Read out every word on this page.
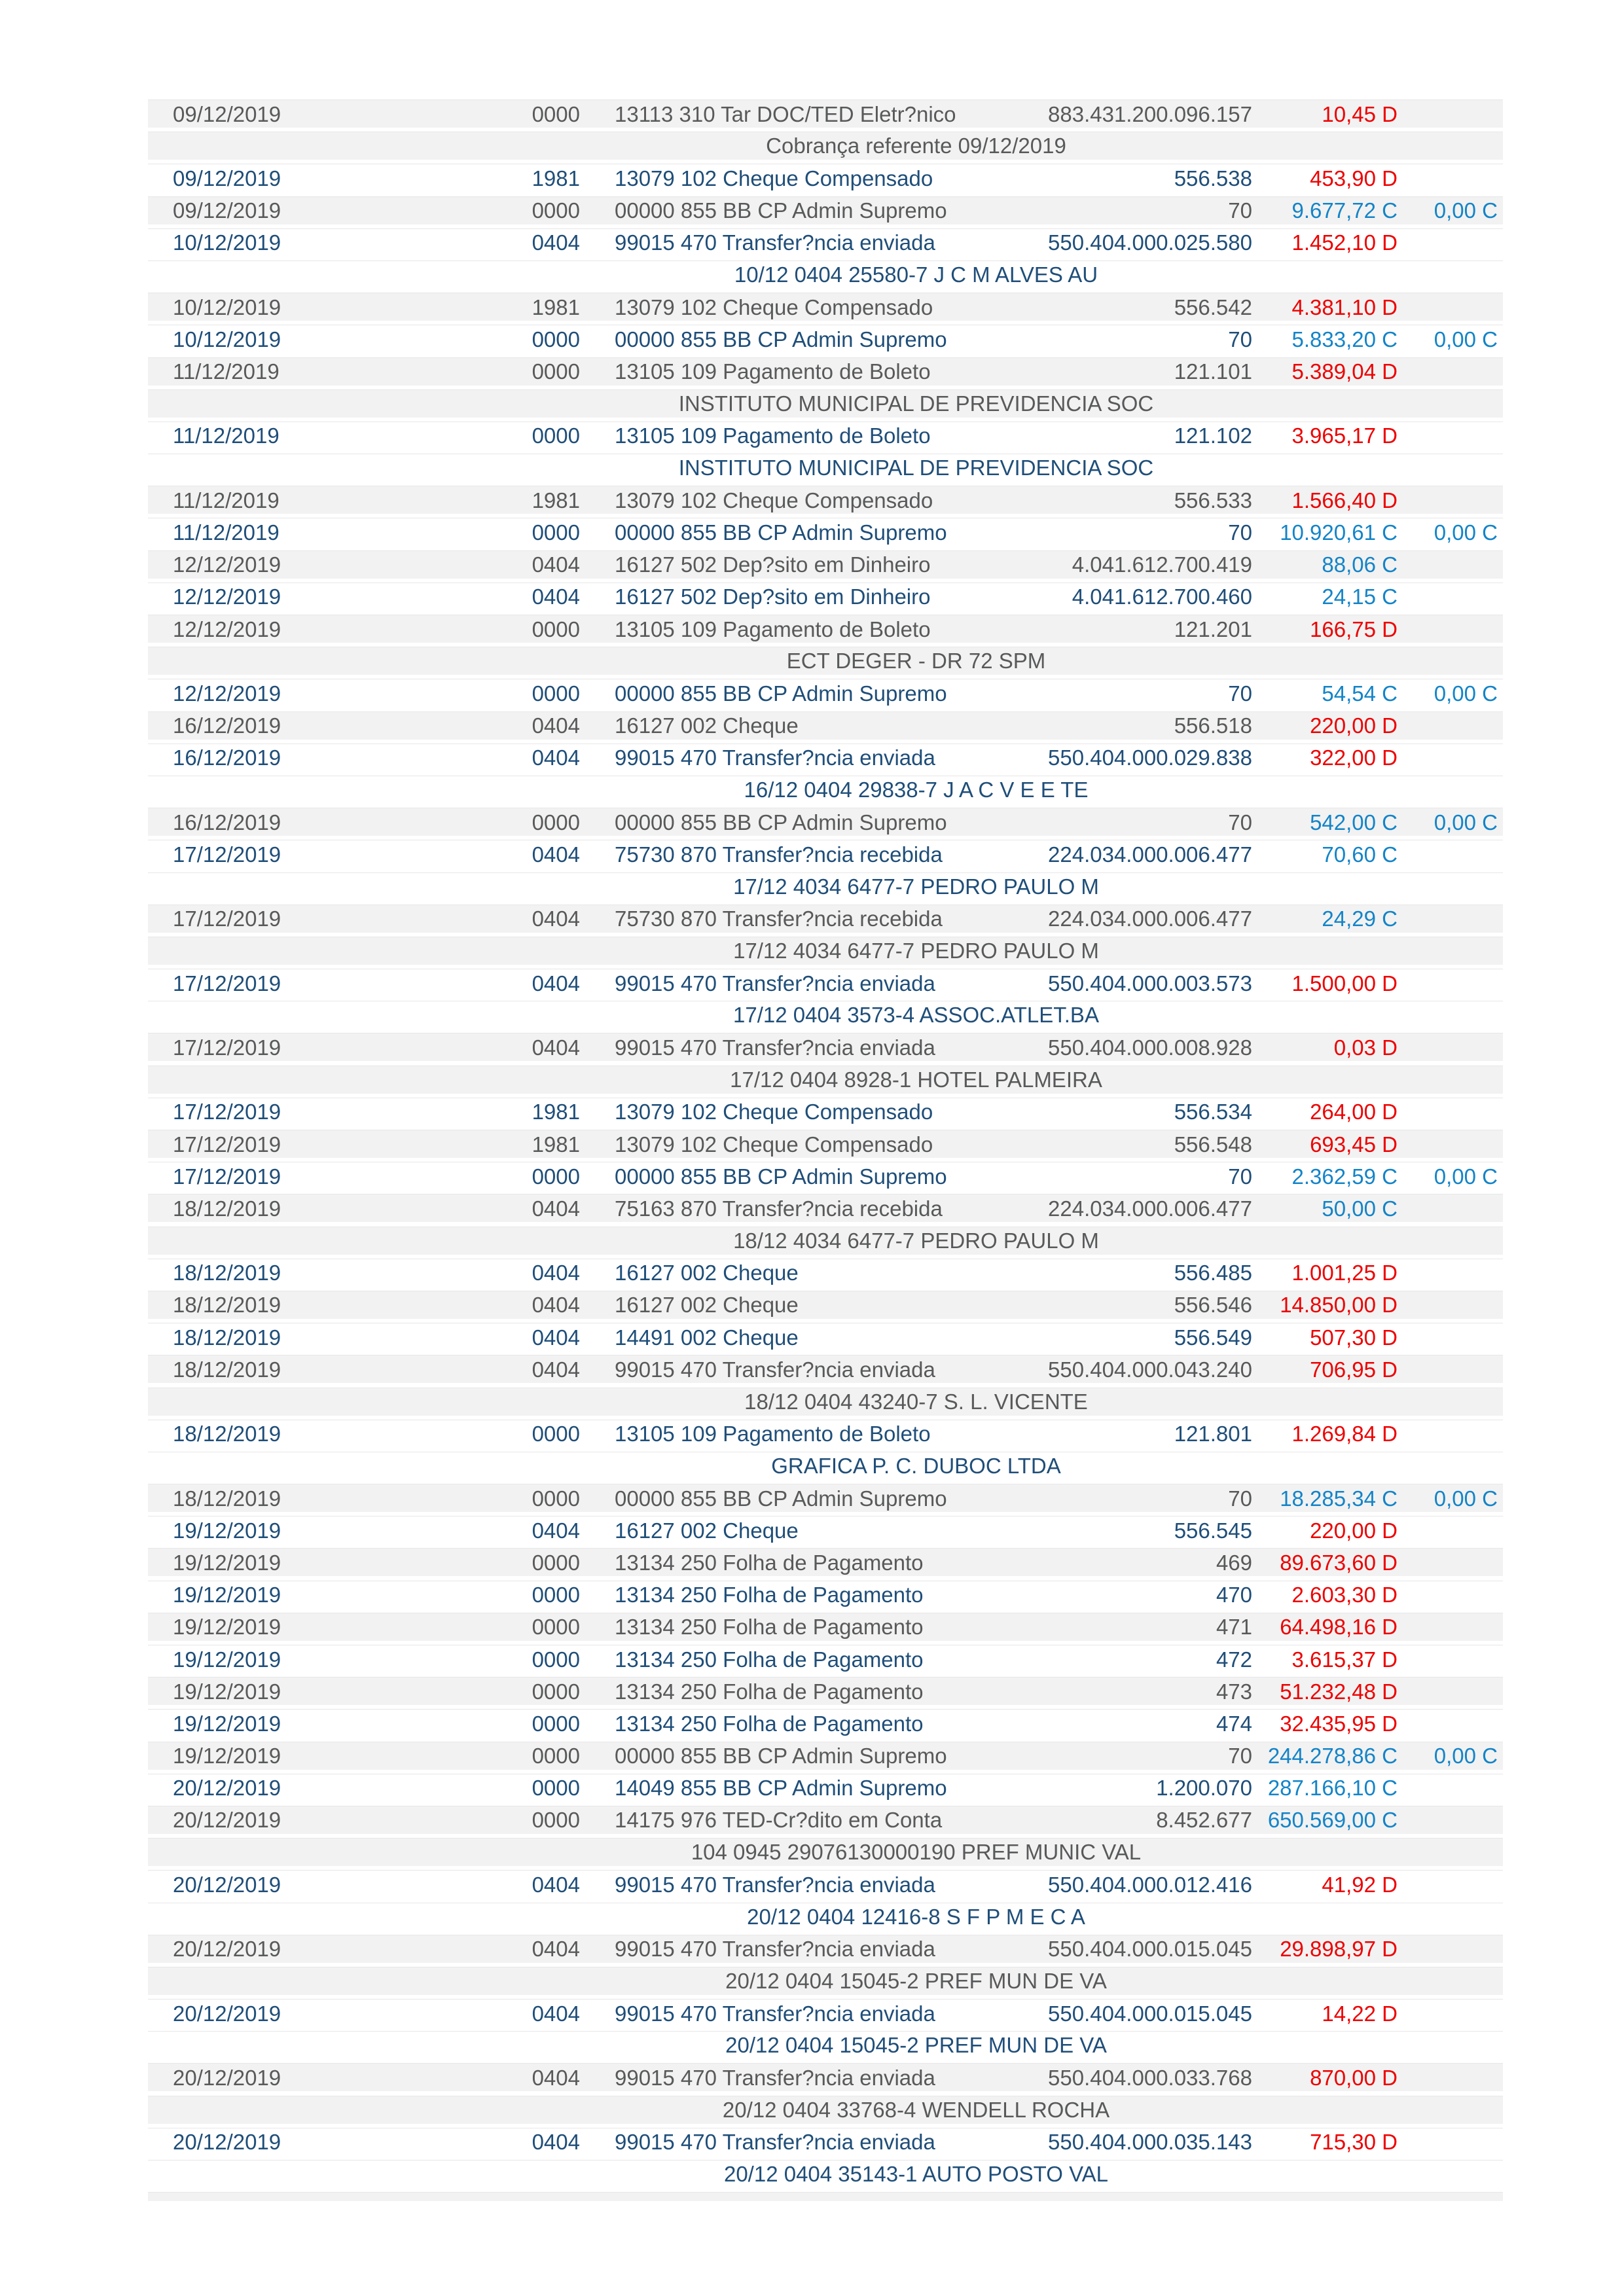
09/12/2019	0000	13113 310 Tar DOC/TED Eletr?nico	883.431.200.096.157	10,45 D
Cobrança referente 09/12/2019
09/12/2019	1981	13079 102 Cheque Compensado	556.538	453,90 D
09/12/2019	0000	00000 855 BB CP Admin Supremo	70	9.677,72 C	0,00 C
10/12/2019	0404	99015 470 Transfer?ncia enviada	550.404.000.025.580	1.452,10 D
10/12 0404 25580-7 J C M ALVES AU
10/12/2019	1981	13079 102 Cheque Compensado	556.542	4.381,10 D
10/12/2019	0000	00000 855 BB CP Admin Supremo	70	5.833,20 C	0,00 C
11/12/2019	0000	13105 109 Pagamento de Boleto	121.101	5.389,04 D
INSTITUTO MUNICIPAL DE PREVIDENCIA SOC
11/12/2019	0000	13105 109 Pagamento de Boleto	121.102	3.965,17 D
INSTITUTO MUNICIPAL DE PREVIDENCIA SOC
11/12/2019	1981	13079 102 Cheque Compensado	556.533	1.566,40 D
11/12/2019	0000	00000 855 BB CP Admin Supremo	70	10.920,61 C	0,00 C
12/12/2019	0404	16127 502 Dep?sito em Dinheiro	4.041.612.700.419	88,06 C
12/12/2019	0404	16127 502 Dep?sito em Dinheiro	4.041.612.700.460	24,15 C
12/12/2019	0000	13105 109 Pagamento de Boleto	121.201	166,75 D
ECT DEGER - DR 72 SPM
12/12/2019	0000	00000 855 BB CP Admin Supremo	70	54,54 C	0,00 C
16/12/2019	0404	16127 002 Cheque	556.518	220,00 D
16/12/2019	0404	99015 470 Transfer?ncia enviada	550.404.000.029.838	322,00 D
16/12 0404 29838-7 J A C V E E TE
16/12/2019	0000	00000 855 BB CP Admin Supremo	70	542,00 C	0,00 C
17/12/2019	0404	75730 870 Transfer?ncia recebida	224.034.000.006.477	70,60 C
17/12 4034 6477-7 PEDRO PAULO M
17/12/2019	0404	75730 870 Transfer?ncia recebida	224.034.000.006.477	24,29 C
17/12 4034 6477-7 PEDRO PAULO M
17/12/2019	0404	99015 470 Transfer?ncia enviada	550.404.000.003.573	1.500,00 D
17/12 0404 3573-4 ASSOC.ATLET.BA
17/12/2019	0404	99015 470 Transfer?ncia enviada	550.404.000.008.928	0,03 D
17/12 0404 8928-1 HOTEL PALMEIRA
17/12/2019	1981	13079 102 Cheque Compensado	556.534	264,00 D
17/12/2019	1981	13079 102 Cheque Compensado	556.548	693,45 D
17/12/2019	0000	00000 855 BB CP Admin Supremo	70	2.362,59 C	0,00 C
18/12/2019	0404	75163 870 Transfer?ncia recebida	224.034.000.006.477	50,00 C
18/12 4034 6477-7 PEDRO PAULO M
18/12/2019	0404	16127 002 Cheque	556.485	1.001,25 D
18/12/2019	0404	16127 002 Cheque	556.546	14.850,00 D
18/12/2019	0404	14491 002 Cheque	556.549	507,30 D
18/12/2019	0404	99015 470 Transfer?ncia enviada	550.404.000.043.240	706,95 D
18/12 0404 43240-7 S. L. VICENTE
18/12/2019	0000	13105 109 Pagamento de Boleto	121.801	1.269,84 D
GRAFICA P. C. DUBOC LTDA
18/12/2019	0000	00000 855 BB CP Admin Supremo	70	18.285,34 C	0,00 C
19/12/2019	0404	16127 002 Cheque	556.545	220,00 D
19/12/2019	0000	13134 250 Folha de Pagamento	469	89.673,60 D
19/12/2019	0000	13134 250 Folha de Pagamento	470	2.603,30 D
19/12/2019	0000	13134 250 Folha de Pagamento	471	64.498,16 D
19/12/2019	0000	13134 250 Folha de Pagamento	472	3.615,37 D
19/12/2019	0000	13134 250 Folha de Pagamento	473	51.232,48 D
19/12/2019	0000	13134 250 Folha de Pagamento	474	32.435,95 D
19/12/2019	0000	00000 855 BB CP Admin Supremo	70 244.278,86 C	0,00 C
20/12/2019	0000	14049 855 BB CP Admin Supremo	1.200.070 287.166,10 C
20/12/2019	0000	14175 976 TED-Cr?dito em Conta	8.452.677 650.569,00 C
104 0945 29076130000190 PREF MUNIC VAL
20/12/2019	0404	99015 470 Transfer?ncia enviada	550.404.000.012.416	41,92 D
20/12 0404 12416-8 S F P M E C A
20/12/2019	0404	99015 470 Transfer?ncia enviada	550.404.000.015.045	29.898,97 D
20/12 0404 15045-2 PREF MUN DE VA
20/12/2019	0404	99015 470 Transfer?ncia enviada	550.404.000.015.045	14,22 D
20/12 0404 15045-2 PREF MUN DE VA
20/12/2019	0404	99015 470 Transfer?ncia enviada	550.404.000.033.768	870,00 D
20/12 0404 33768-4 WENDELL ROCHA
20/12/2019	0404	99015 470 Transfer?ncia enviada	550.404.000.035.143	715,30 D
20/12 0404 35143-1 AUTO POSTO VAL
